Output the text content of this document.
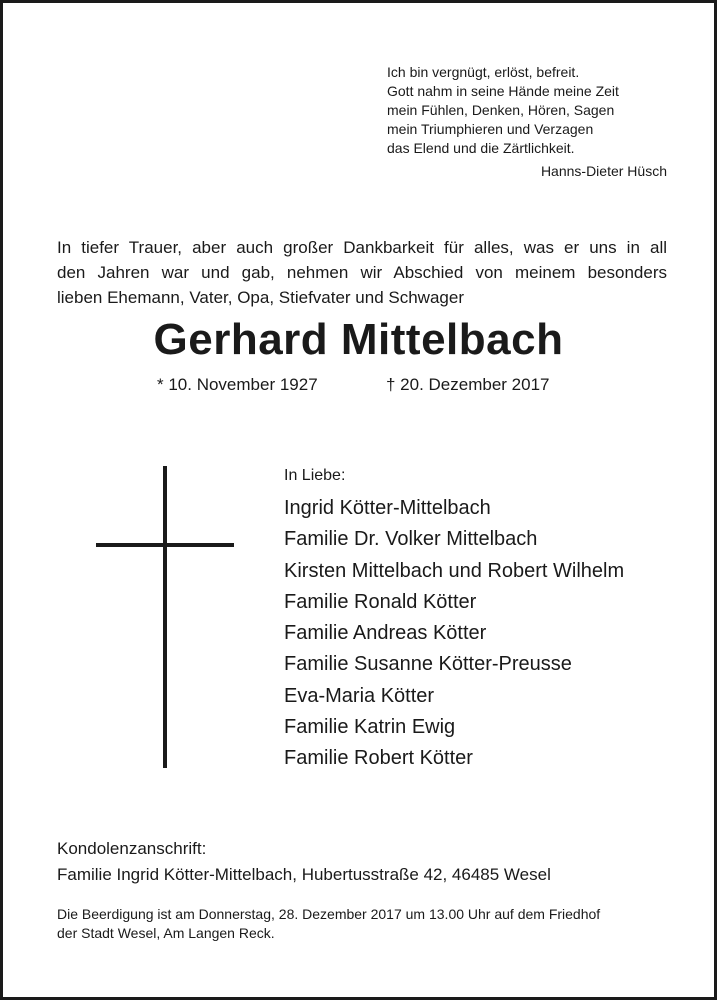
Ich bin vergnügt, erlöst, befreit.
Gott nahm in seine Hände meine Zeit
mein Fühlen, Denken, Hören, Sagen
mein Triumphieren und Verzagen
das Elend und die Zärtlichkeit.
Hanns-Dieter Hüsch
In tiefer Trauer, aber auch großer Dankbarkeit für alles, was er uns in all
den Jahren war und gab, nehmen wir Abschied von meinem besonders
lieben Ehemann, Vater, Opa, Stiefvater und Schwager
Gerhard Mittelbach
* 10. November 1927	† 20. Dezember 2017
In Liebe:
Ingrid Kötter-Mittelbach
Familie Dr. Volker Mittelbach
Kirsten Mittelbach und Robert Wilhelm
Familie Ronald Kötter
Familie Andreas Kötter
Familie Susanne Kötter-Preusse
Eva-Maria Kötter
Familie Katrin Ewig
Familie Robert Kötter
Kondolenzanschrift:
Familie Ingrid Kötter-Mittelbach, Hubertusstraße 42, 46485 Wesel
Die Beerdigung ist am Donnerstag, 28. Dezember 2017 um 13.00 Uhr auf dem Friedhof
der Stadt Wesel, Am Langen Reck.
